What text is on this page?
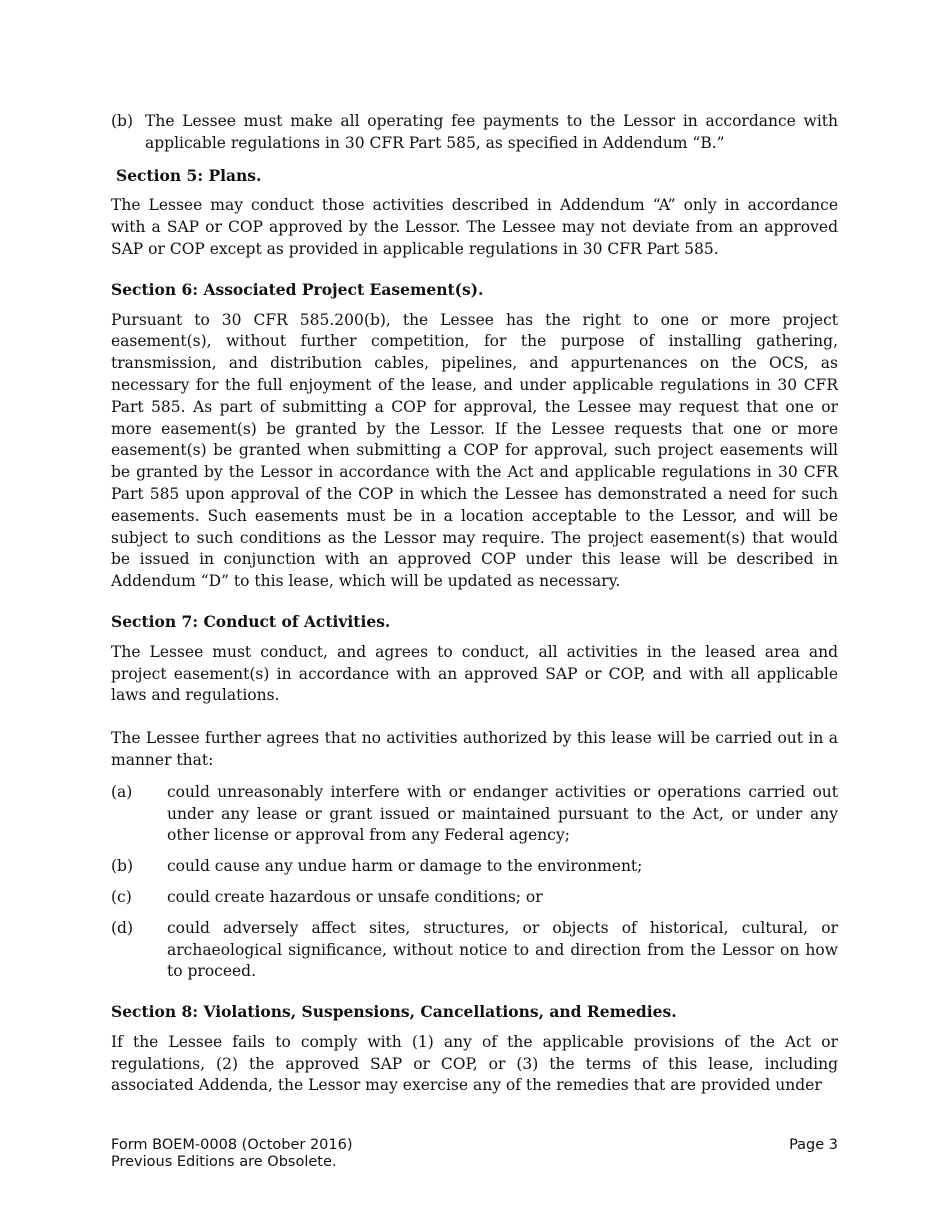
(b) The Lessee must make all operating fee payments to the Lessor in accordance with applicable regulations in 30 CFR Part 585, as specified in Addendum “B.”
Section 5: Plans.

The Lessee may conduct those activities described in Addendum “A” only in accordance with a SAP or COP approved by the Lessor. The Lessee may not deviate from an approved SAP or COP except as provided in applicable regulations in 30 CFR Part 585.

Section 6: Associated Project Easement(s).

Pursuant to 30 CFR 585.200(b), the Lessee has the right to one or more project easement(s), without further competition, for the purpose of installing gathering, transmission, and distribution cables, pipelines, and appurtenances on the OCS, as necessary for the full enjoyment of the lease, and under applicable regulations in 30 CFR Part 585. As part of submitting a COP for approval, the Lessee may request that one or more easement(s) be granted by the Lessor. If the Lessee requests that one or more easement(s) be granted when submitting a COP for approval, such project easements will be granted by the Lessor in accordance with the Act and applicable regulations in 30 CFR Part 585 upon approval of the COP in which the Lessee has demonstrated a need for such easements. Such easements must be in a location acceptable to the Lessor, and will be subject to such conditions as the Lessor may require. The project easement(s) that would be issued in conjunction with an approved COP under this lease will be described in Addendum “D” to this lease, which will be updated as necessary.

Section 7: Conduct of Activities.

The Lessee must conduct, and agrees to conduct, all activities in the leased area and project easement(s) in accordance with an approved SAP or COP, and with all applicable laws and regulations.

The Lessee further agrees that no activities authorized by this lease will be carried out in a manner that:

(a)	could unreasonably interfere with or endanger activities or operations carried out under any lease or grant issued or maintained pursuant to the Act, or under any other license or approval from any Federal agency;
(b)	could cause any undue harm or damage to the environment;
(c)	could create hazardous or unsafe conditions; or
(d)	could adversely affect sites, structures, or objects of historical, cultural, or archaeological significance, without notice to and direction from the Lessor on how to proceed.
Section 8: Violations, Suspensions, Cancellations, and Remedies.

If the Lessee fails to comply with (1) any of the applicable provisions of the Act or regulations, (2) the approved SAP or COP, or (3) the terms of this lease, including associated Addenda, the Lessor may exercise any of the remedies that are provided under

Form BOEM-0008 (October 2016)	Page 3
Previous Editions are Obsolete.
